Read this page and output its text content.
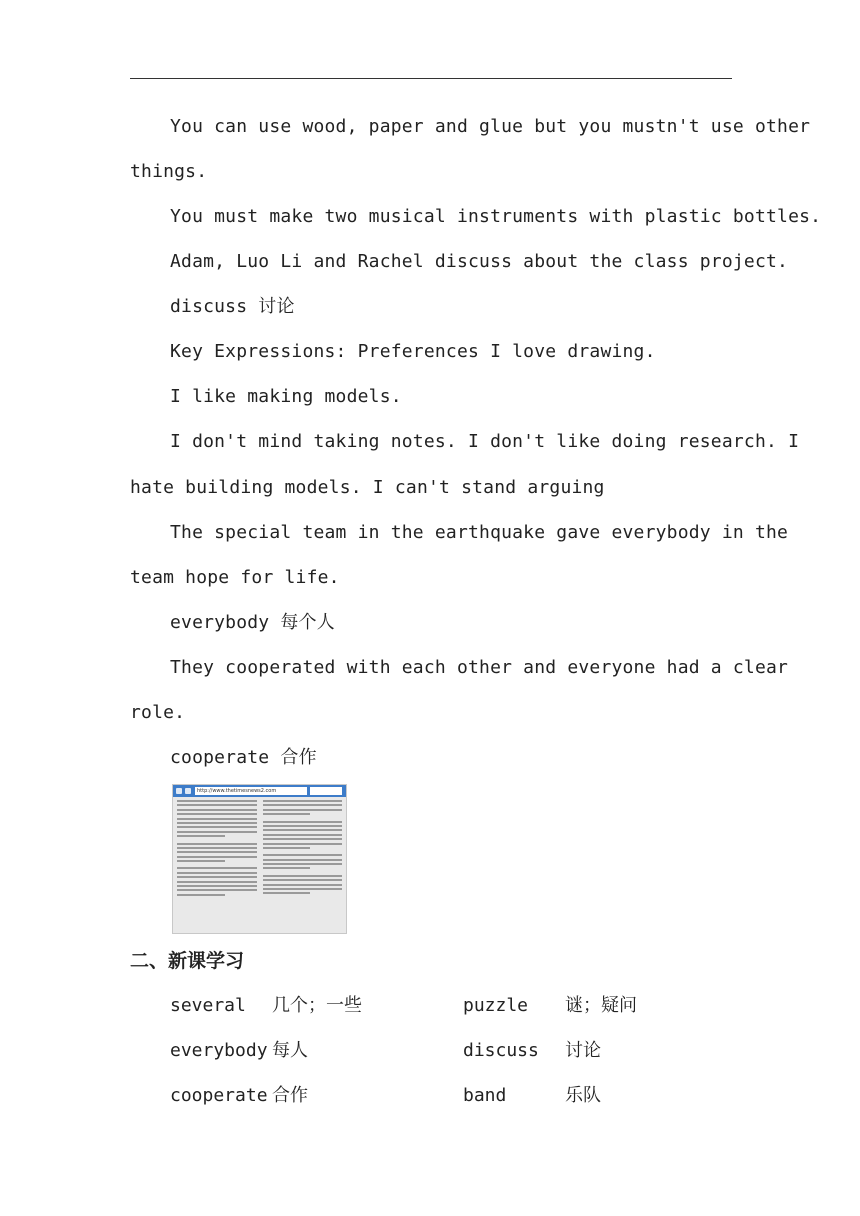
You can use wood, paper and glue but you mustn't use other
things.
You must make two musical instruments with plastic bottles.
Adam, Luo Li and Rachel discuss about the class project.
discuss 讨论
Key Expressions: Preferences I love drawing.
I like making models.
I don't mind taking notes. I don't like doing research. I
hate building models. I can't stand arguing
The special team in the earthquake gave everybody in the
team hope for life.
everybody 每个人
They cooperated with each other and everyone had a clear
role.
cooperate 合作
http://www.thetimesnews2.com
二、新课学习
several 几个；一些	puzzle 谜；疑问
everybody 每人	discuss 讨论
cooperate 合作	band	乐队
